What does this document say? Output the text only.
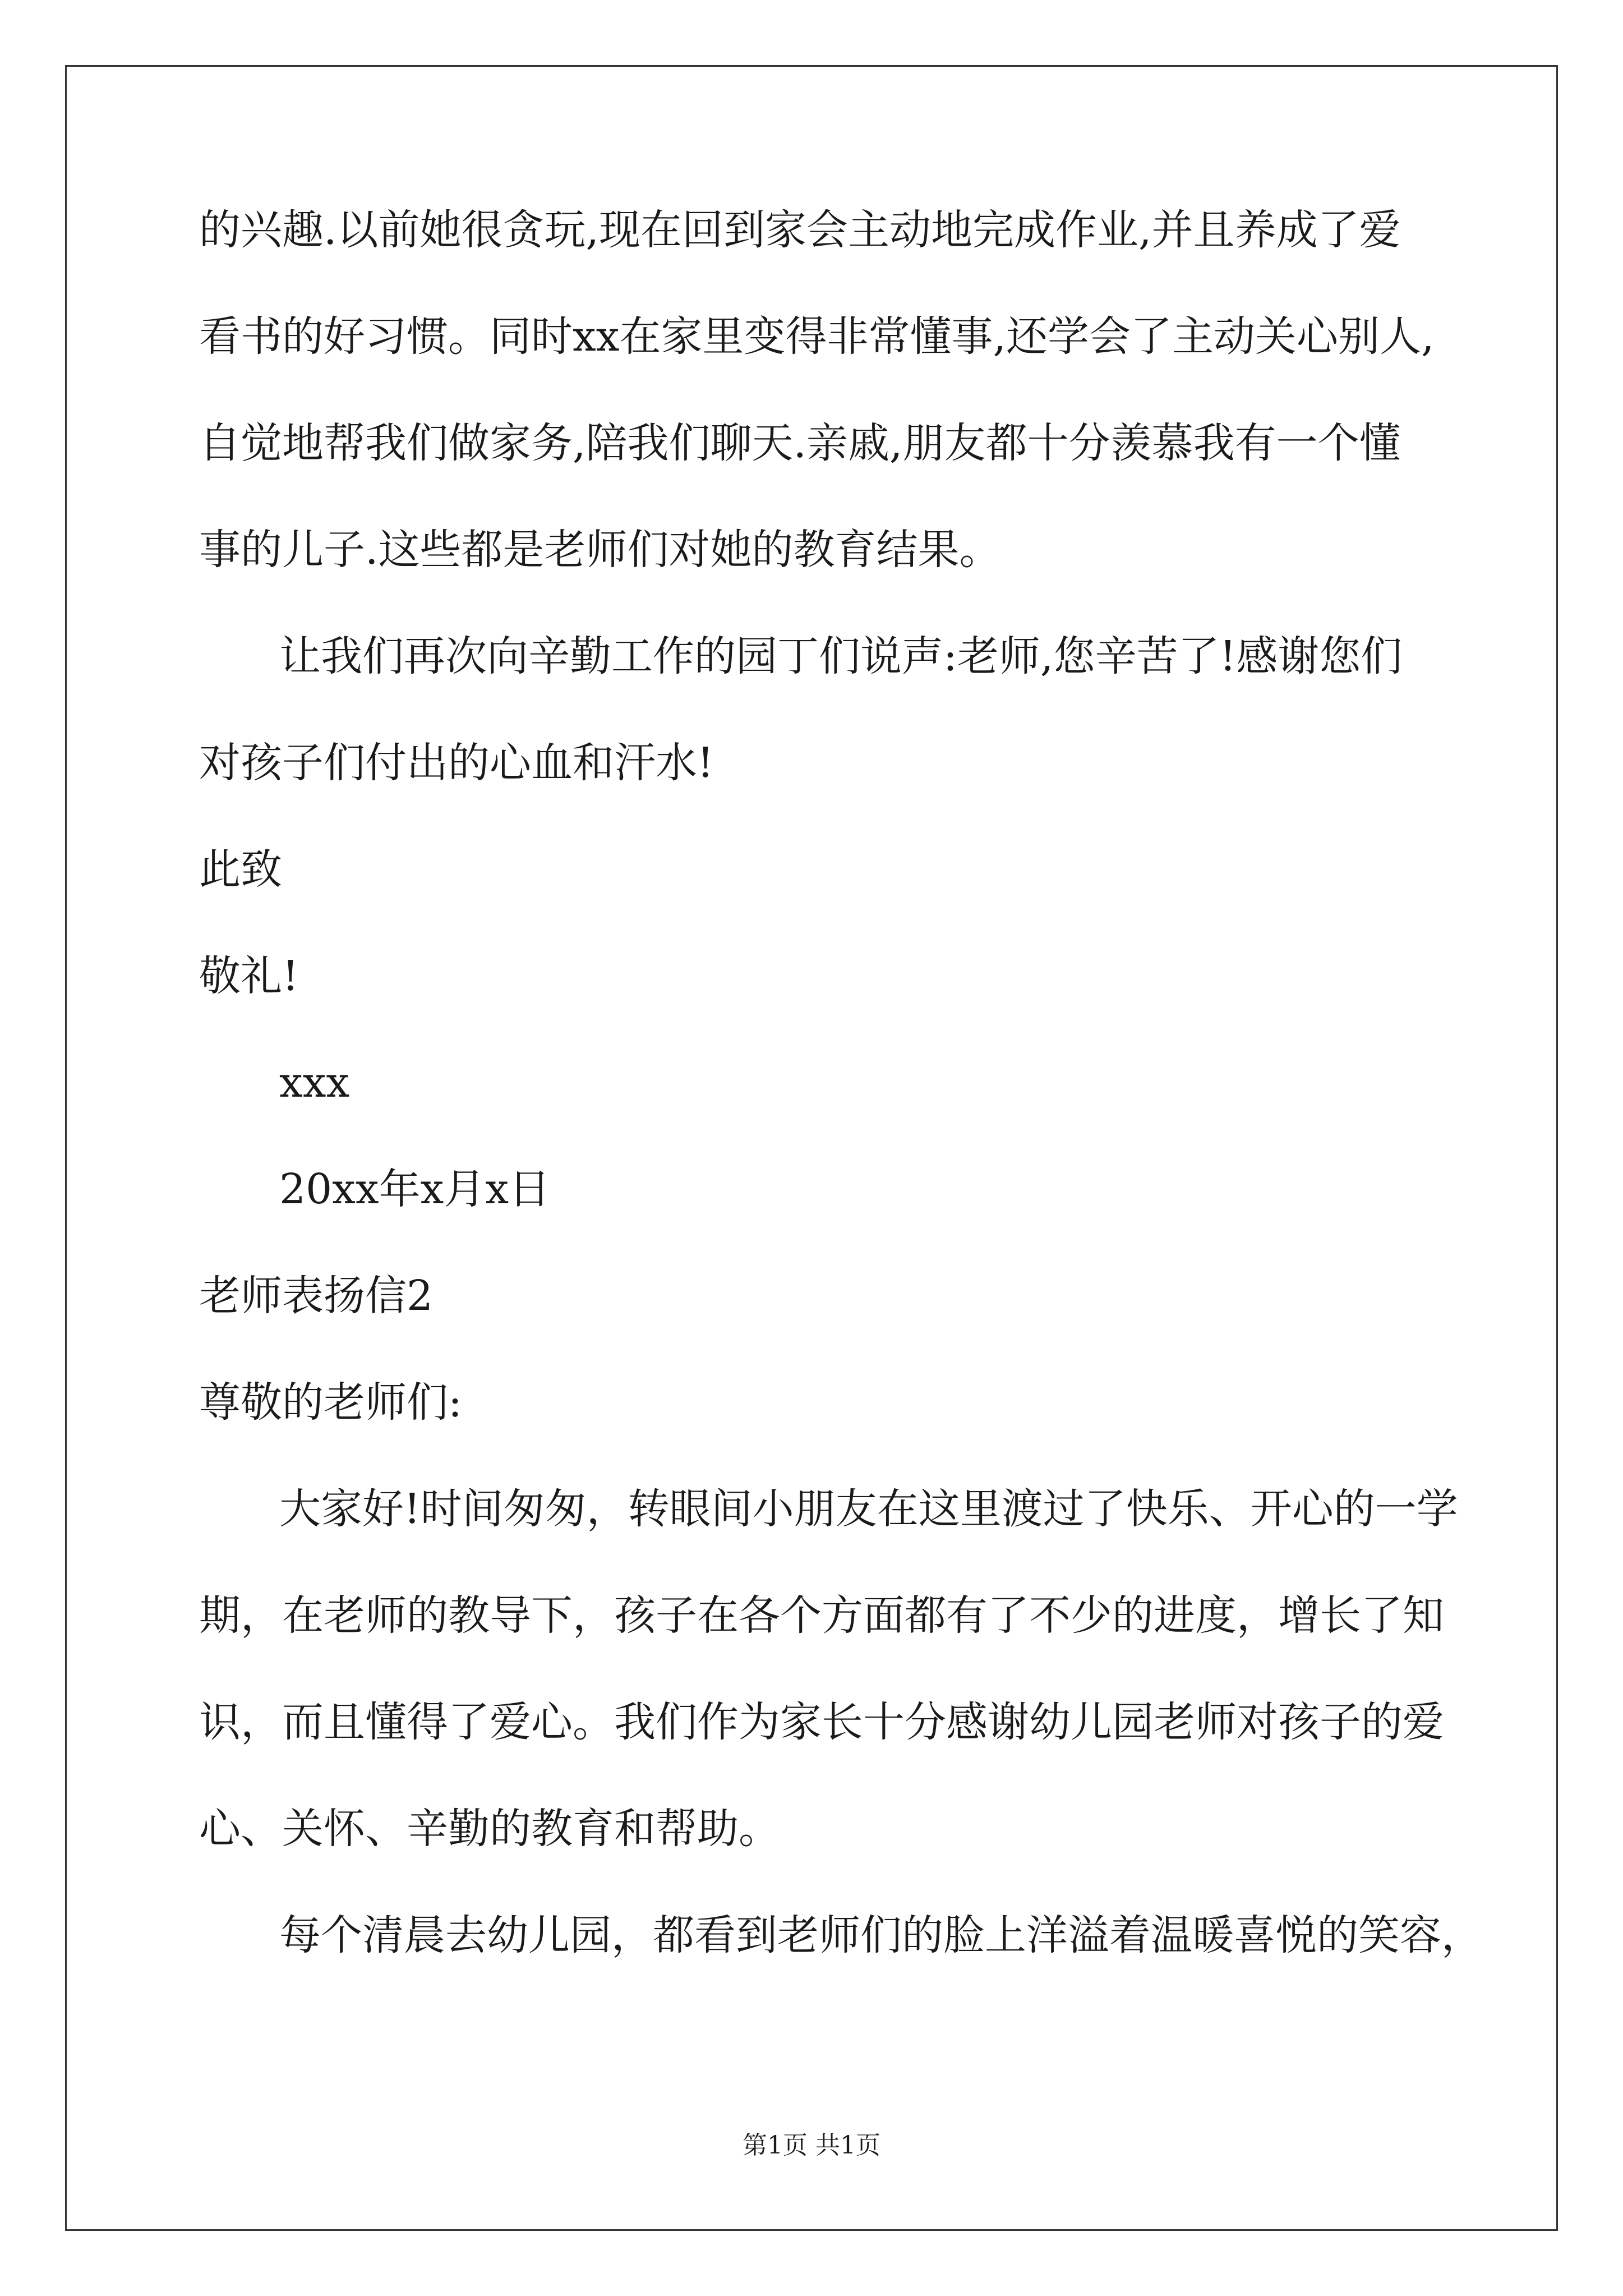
的兴趣.以前她很贪玩,现在回到家会主动地完成作业,并且养成了爱
看书的好习惯。同时xx在家里变得非常懂事,还学会了主动关心别人,
自觉地帮我们做家务,陪我们聊天.亲戚,朋友都十分羡慕我有一个懂
事的儿子.这些都是老师们对她的教育结果。
让我们再次向辛勤工作的园丁们说声:老师,您辛苦了!感谢您们
对孩子们付出的心血和汗水!
此致
敬礼!
xxx
20xx年x月x日
老师表扬信2
尊敬的老师们:
大家好!时间匆匆，转眼间小朋友在这里渡过了快乐、开心的一学
期，在老师的教导下，孩子在各个方面都有了不少的进度，增长了知
识，而且懂得了爱心。我们作为家长十分感谢幼儿园老师对孩子的爱
心、关怀、辛勤的教育和帮助。
每个清晨去幼儿园，都看到老师们的脸上洋溢着温暖喜悦的笑容，
第1页 共1页
